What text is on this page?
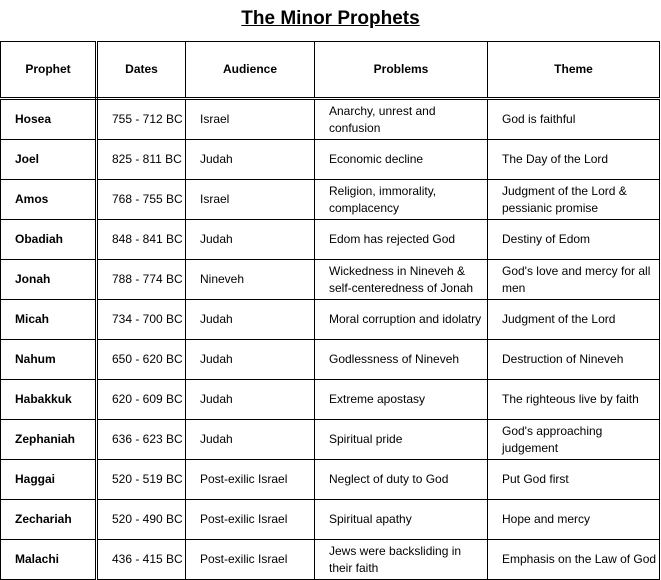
The Minor Prophets
Prophet	Dates	Audience	Problems	Theme
Hosea	755 - 712 BC	Israel	Anarchy, unrest and confusion	God is faithful
Joel	825 - 811 BC	Judah	Economic decline	The Day of the Lord
Amos	768 - 755 BC	Israel	Religion, immorality, complacency	Judgment of the Lord & pessianic promise
Obadiah	848 - 841 BC	Judah	Edom has rejected God	Destiny of Edom
Jonah	788 - 774 BC	Nineveh	Wickedness in Nineveh & self-centeredness of Jonah	God's love and mercy for all men
Micah	734 - 700 BC	Judah	Moral corruption and idolatry	Judgment of the Lord
Nahum	650 - 620 BC	Judah	Godlessness of Nineveh	Destruction of Nineveh
Habakkuk	620 - 609 BC	Judah	Extreme apostasy	The righteous live by faith
Zephaniah	636 - 623 BC	Judah	Spiritual pride	God's approaching judgement
Haggai	520 - 519 BC	Post-exilic Israel	Neglect of duty to God	Put God first
Zechariah	520 - 490 BC	Post-exilic Israel	Spiritual apathy	Hope and mercy
Malachi	436 - 415 BC	Post-exilic Israel	Jews were backsliding in their faith	Emphasis on the Law of God
